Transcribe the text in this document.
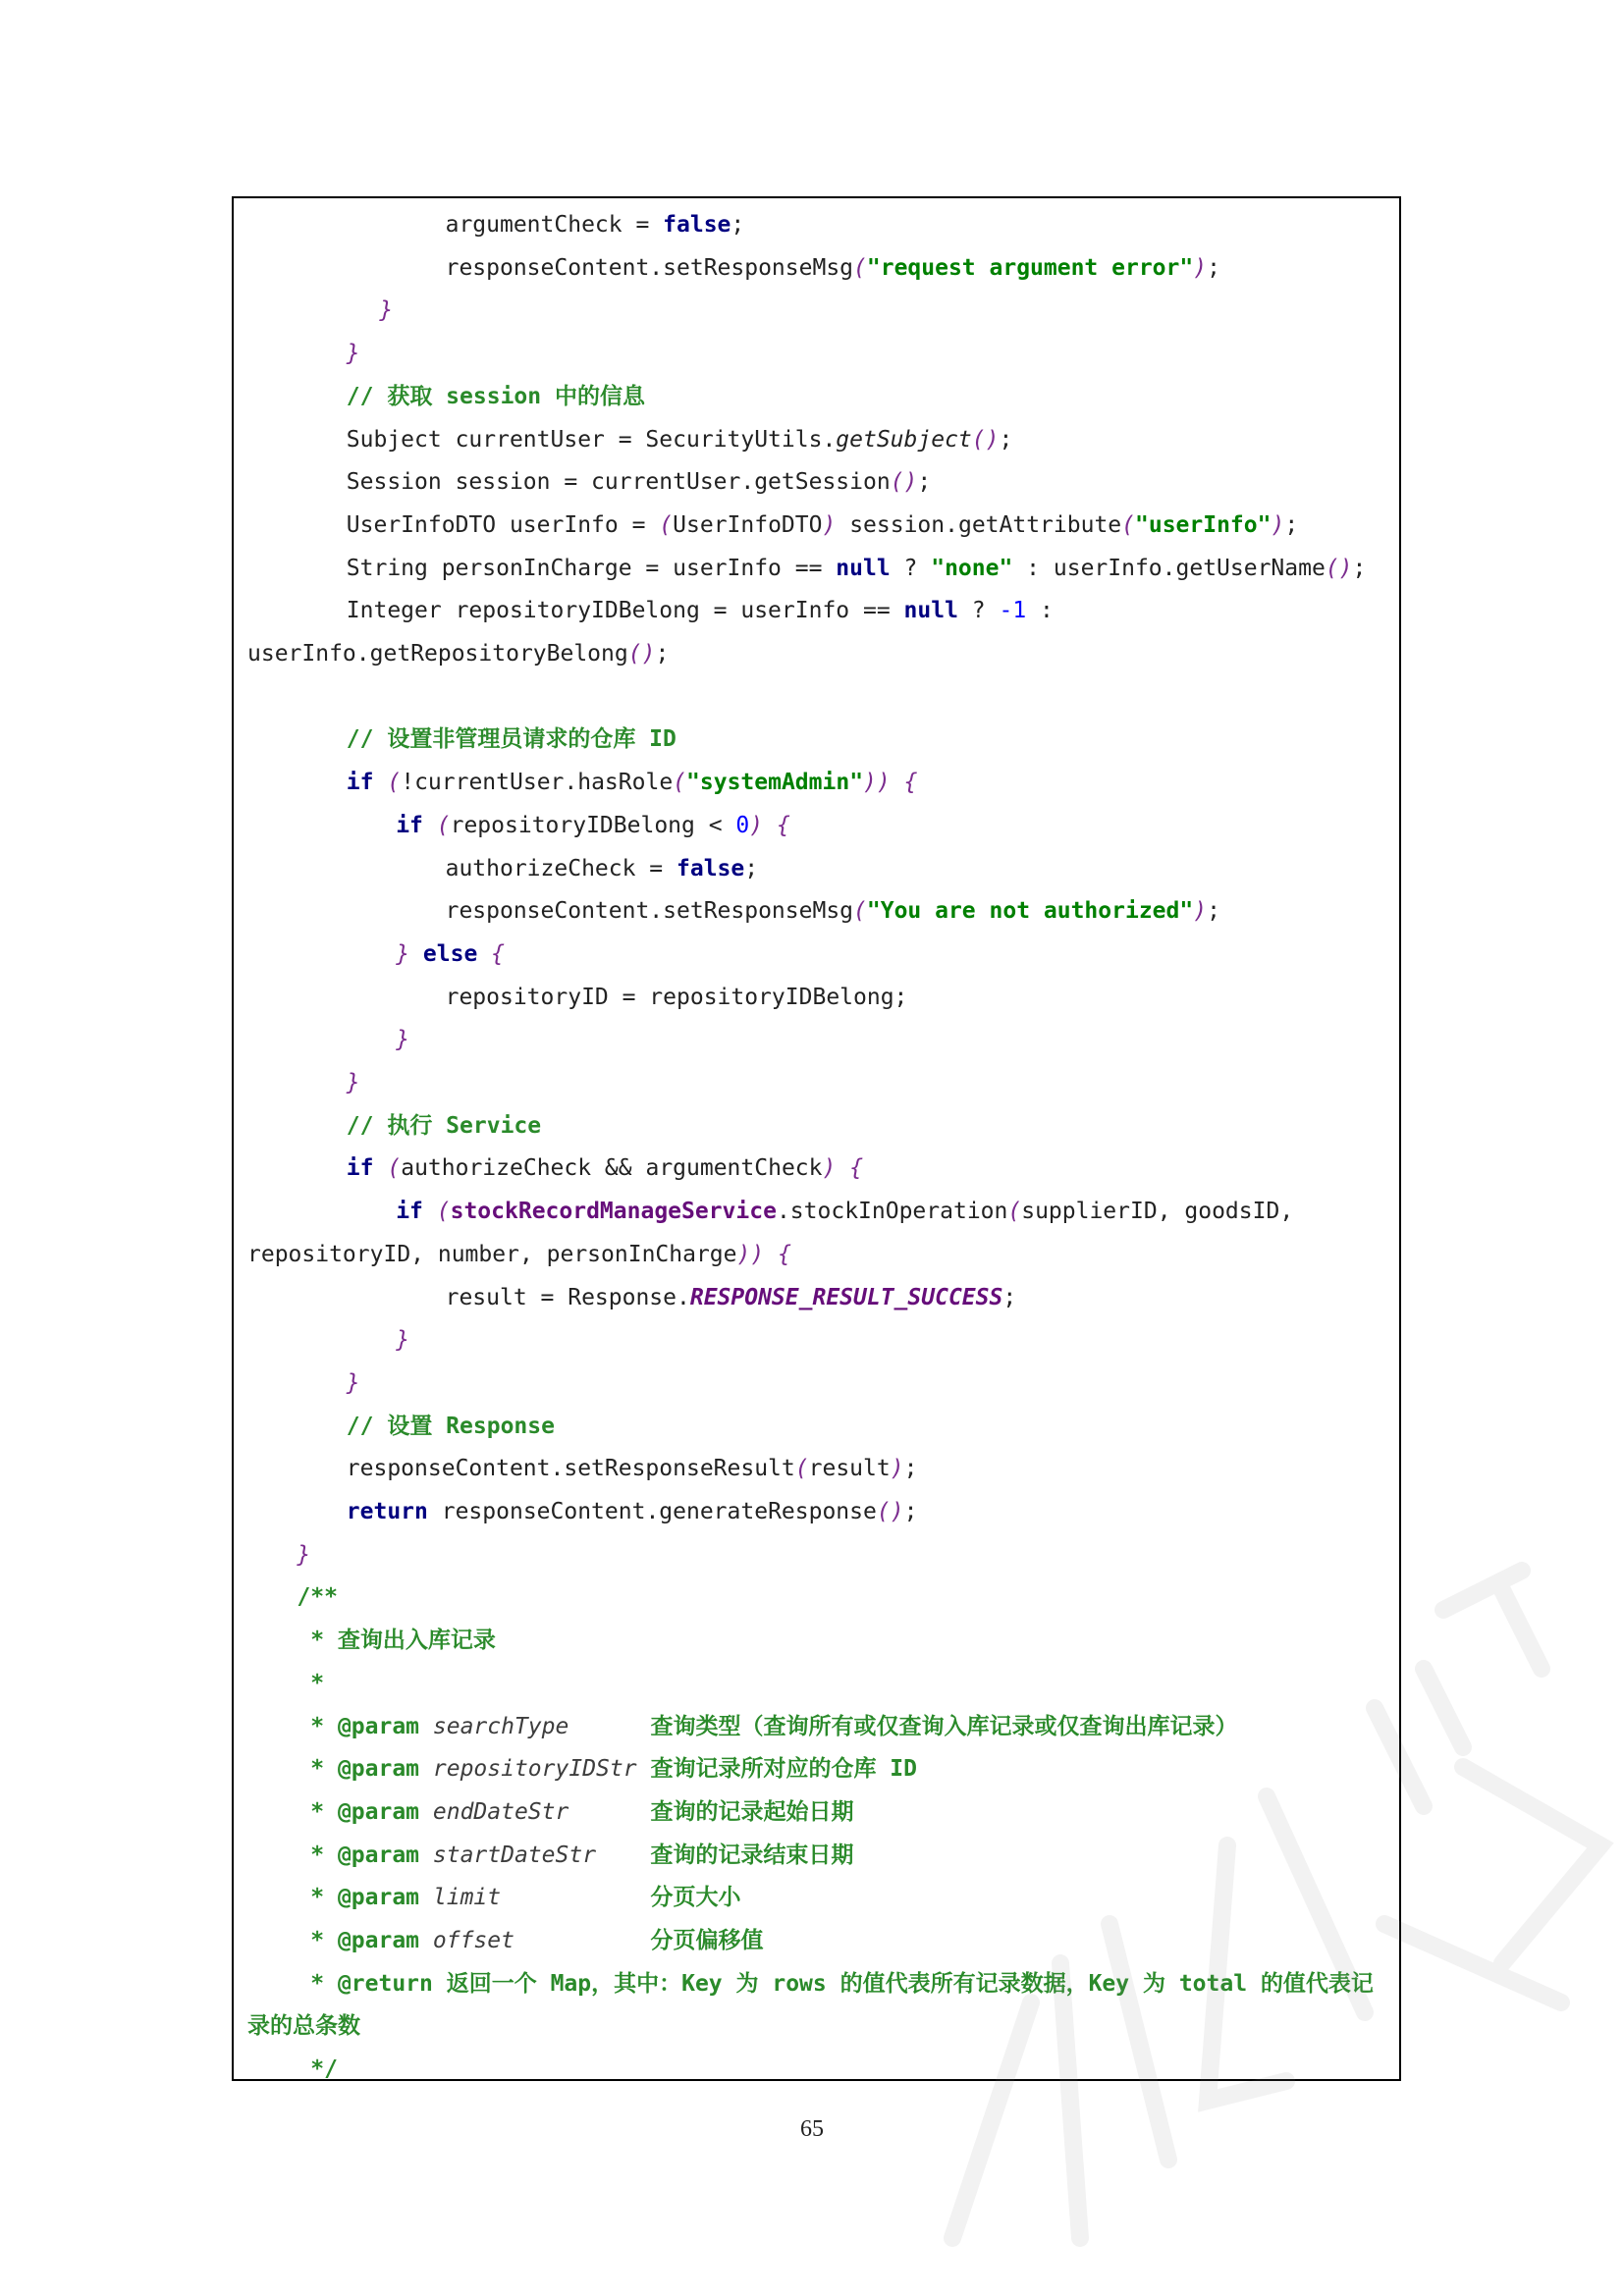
argumentCheck = false;
responseContent.setResponseMsg("request argument error");
}
}
// 获取 session 中的信息
Subject currentUser = SecurityUtils.getSubject();
Session session = currentUser.getSession();
UserInfoDTO userInfo = (UserInfoDTO) session.getAttribute("userInfo");
String personInCharge = userInfo == null ? "none" : userInfo.getUserName();
Integer repositoryIDBelong = userInfo == null ? -1 :
userInfo.getRepositoryBelong();
// 设置非管理员请求的仓库 ID
if (!currentUser.hasRole("systemAdmin")) {
if (repositoryIDBelong < 0) {
authorizeCheck = false;
responseContent.setResponseMsg("You are not authorized");
} else {
repositoryID = repositoryIDBelong;
}
}
// 执行 Service
if (authorizeCheck && argumentCheck) {
if (stockRecordManageService.stockInOperation(supplierID, goodsID,
repositoryID, number, personInCharge)) {
result = Response.RESPONSE_RESULT_SUCCESS;
}
}
// 设置 Response
responseContent.setResponseResult(result);
return responseContent.generateResponse();
}
/**
* 查询出入库记录
*
* @param searchType      查询类型（查询所有或仅查询入库记录或仅查询出库记录）
* @param repositoryIDStr 查询记录所对应的仓库 ID
* @param endDateStr      查询的记录起始日期
* @param startDateStr    查询的记录结束日期
* @param limit           分页大小
* @param offset          分页偏移值
* @return 返回一个 Map，其中：Key 为 rows 的值代表所有记录数据，Key 为 total 的值代表记
录的总条数
*/
65
